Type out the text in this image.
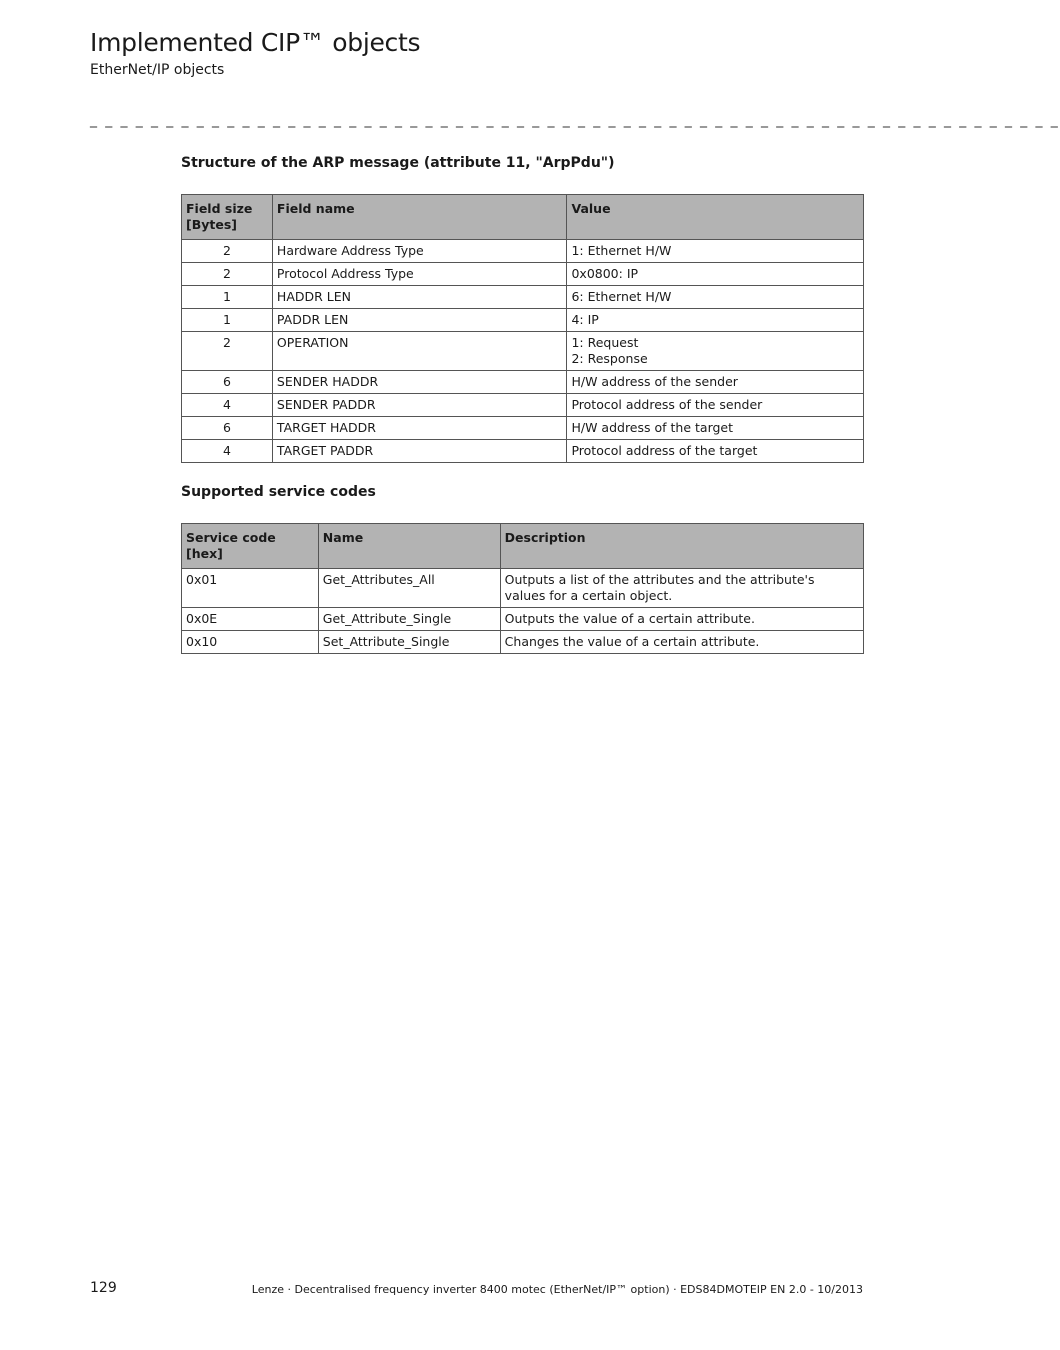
Implemented CIP™ objects
EtherNet/IP objects
_ _ _ _ _ _ _ _ _ _ _ _ _ _ _ _ _ _ _ _ _ _ _ _ _ _ _ _ _ _ _ _ _ _ _ _ _ _ _ _ _ _ _ _ _ _ _ _ _ _ _ _ _ _ _ _ _ _ _ _ _ _ _ _
Structure of the ARP message (attribute 11, "ArpPdu")
Field size
[Bytes]	Field name	Value
2	Hardware Address Type	1: Ethernet H/W
2	Protocol Address Type	0x0800: IP
1	HADDR LEN	6: Ethernet H/W
1	PADDR LEN	4: IP
2	OPERATION	1: Request
2: Response
6	SENDER HADDR	H/W address of the sender
4	SENDER PADDR	Protocol address of the sender
6	TARGET HADDR	H/W address of the target
4	TARGET PADDR	Protocol address of the target
Supported service codes
Service code
[hex]	Name	Description
0x01	Get_Attributes_All	Outputs a list of the attributes and the attribute's values for a certain object.
0x0E	Get_Attribute_Single	Outputs the value of a certain attribute.
0x10	Set_Attribute_Single	Changes the value of a certain attribute.
129	Lenze · Decentralised frequency inverter 8400 motec (EtherNet/IP™ option) · EDS84DMOTEIP EN 2.0 - 10/2013
